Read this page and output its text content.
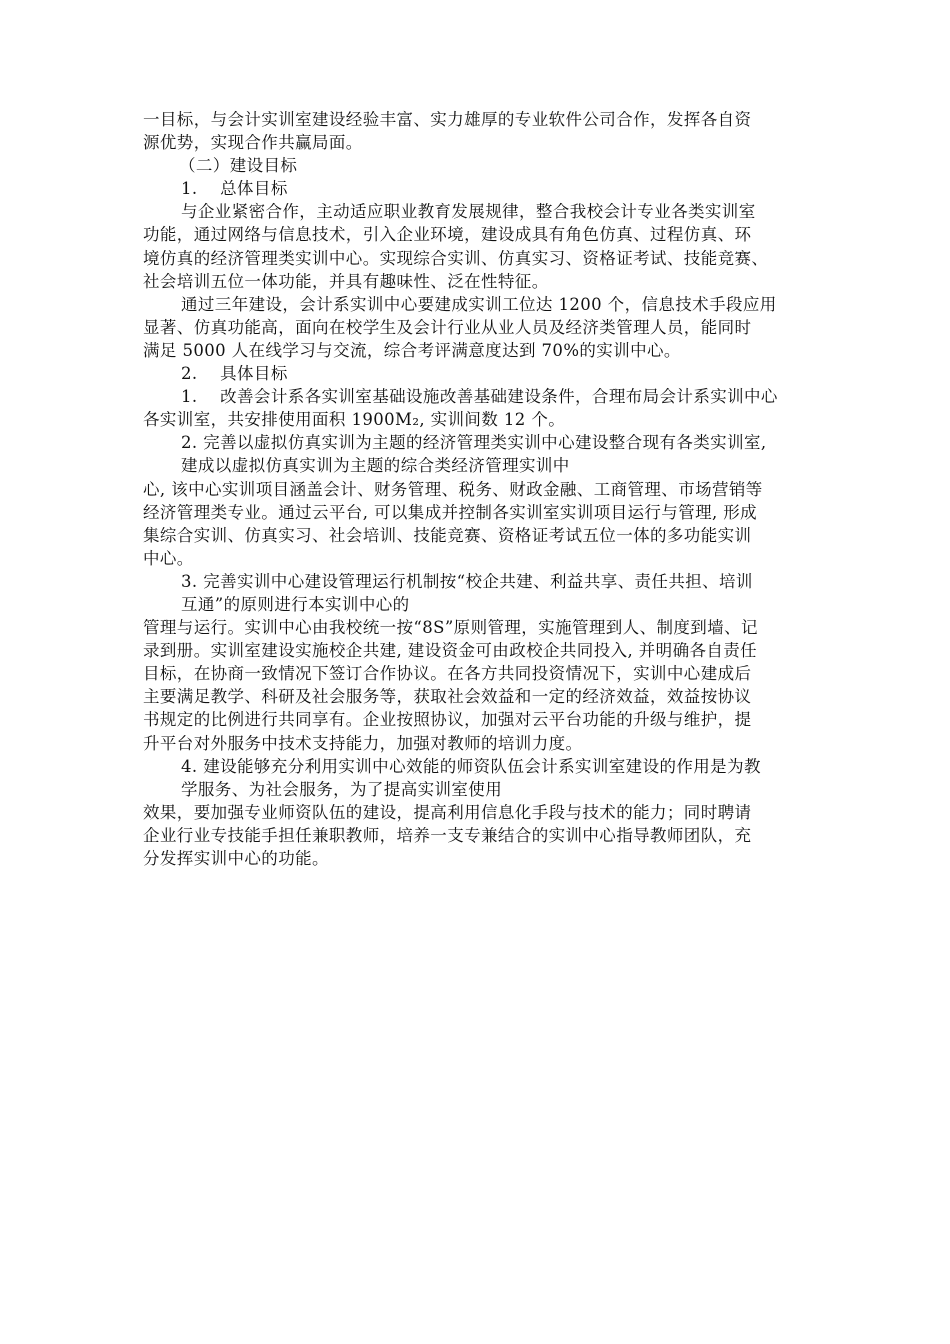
一目标，与会计实训室建设经验丰富、实力雄厚的专业软件公司合作，发挥各自资
源优势，实现合作共赢局面。
（二）建设目标
1.    总体目标
与企业紧密合作，主动适应职业教育发展规律，整合我校会计专业各类实训室
功能，通过网络与信息技术，引入企业环境，建设成具有角色仿真、过程仿真、环
境仿真的经济管理类实训中心。实现综合实训、仿真实习、资格证考试、技能竞赛、
社会培训五位一体功能，并具有趣味性、泛在性特征。
通过三年建设，会计系实训中心要建成实训工位达 1200 个，信息技术手段应用
显著、仿真功能高，面向在校学生及会计行业从业人员及经济类管理人员，能同时
满足 5000 人在线学习与交流，综合考评满意度达到 70%的实训中心。
2.    具体目标
1.    改善会计系各实训室基础设施改善基础建设条件，合理布局会计系实训中心
各实训室，共安排使用面积 1900M₂, 实训间数 12 个。
2. 完善以虚拟仿真实训为主题的经济管理类实训中心建设整合现有各类实训室,
建成以虚拟仿真实训为主题的综合类经济管理实训中
心, 该中心实训项目涵盖会计、财务管理、税务、财政金融、工商管理、市场营销等
经济管理类专业。通过云平台, 可以集成并控制各实训室实训项目运行与管理, 形成
集综合实训、仿真实习、社会培训、技能竞赛、资格证考试五位一体的多功能实训
中心。
3. 完善实训中心建设管理运行机制按“校企共建、利益共享、责任共担、培训
互通”的原则进行本实训中心的
管理与运行。实训中心由我校统一按“8S”原则管理，实施管理到人、制度到墙、记
录到册。实训室建设实施校企共建, 建设资金可由政校企共同投入, 并明确各自责任
目标，在协商一致情况下签订合作协议。在各方共同投资情况下，实训中心建成后
主要满足教学、科研及社会服务等，获取社会效益和一定的经济效益，效益按协议
书规定的比例进行共同享有。企业按照协议，加强对云平台功能的升级与维护，提
升平台对外服务中技术支持能力，加强对教师的培训力度。
4. 建设能够充分利用实训中心效能的师资队伍会计系实训室建设的作用是为教
学服务、为社会服务，为了提高实训室使用
效果，要加强专业师资队伍的建设，提高利用信息化手段与技术的能力；同时聘请
企业行业专技能手担任兼职教师，培养一支专兼结合的实训中心指导教师团队，充
分发挥实训中心的功能。
